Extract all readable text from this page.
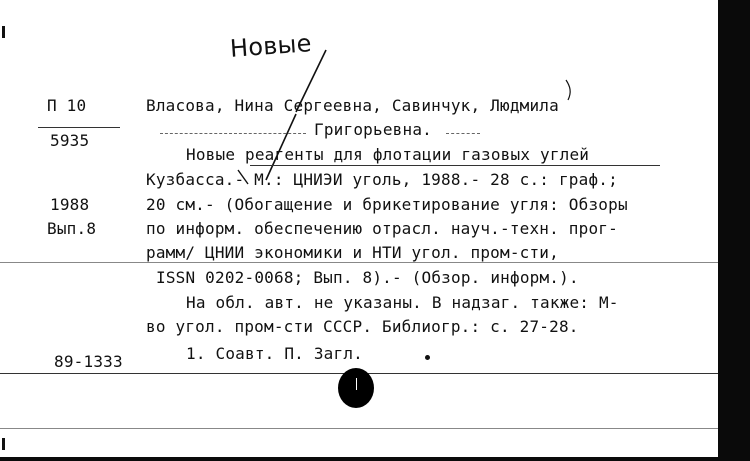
Новые
П 10
5935
1988
Вып.8
Власова, Нина Сергеевна, Савинчук, Людмила
Григорьевна.
Новые реагенты для флотации газовых углей
Кузбасса.- М.: ЦНИЭИ уголь, 1988.- 28 с.: граф.;
20 см.- (Обогащение и брикетирование угля: Обзоры
по информ. обеспечению отрасл. науч.-техн. прог-
рамм/ ЦНИИ экономики и НТИ угол. пром-сти,
ISSN 0202-0068; Вып. 8).- (Обзор. информ.).
На обл. авт. не указаны. В надзаг. также: М-
во угол. пром-сти СССР. Библиогр.: с. 27-28.
1. Соавт. П. Загл.
89-1333
